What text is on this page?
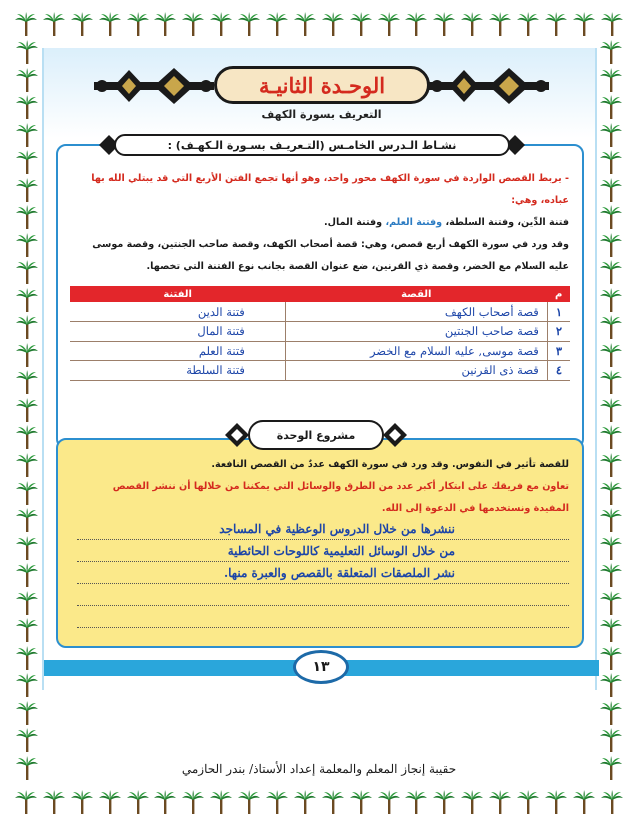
الوحـدة الثانيـة
التعريف بسورة الكهف
نشـاط الـدرس الخامـس (التـعريـف بسـورة الـكهـف) :
- يربط القصص الواردة في سورة الكهف محور واحد، وهو أنها تجمع الفتن الأربع التي قد يبتلي الله بها عباده، وهي:
فتنة الدِّين، وفتنة السلطة، وفتنة العلم، وفتنة المال.
وقد ورد في سورة الكهف أربع قصص، وهي: قصة أصحاب الكهف، وقصة صاحب الجنتين، وقصة موسى عليه السلام مع الخضر، وقصة ذي القرنين، ضع عنوان القصة بجانب نوع الفتنة التي تخصها.
م	القصة	الفتنة
١	قصة أصحاب الكهف	فتنة الدين
٢	قصة صاحب الجنتين	فتنة المال
٣	قصة موسى, عليه السلام مع الخضر	فتنة العلم
٤	قصة ذى القرنين	فتنة السلطة
مشروع الوحدة
للقصة تأثير في النفوس. وقد ورد في سورة الكهف عددٌ من القصص النافعة.
تعاون مع فريقك على ابتكار أكبر عدد من الطرق والوسائل التي يمكننا من خلالها أن ننشر القصص
المفيدة ونستخدمها في الدعوة إلى الله.
ننشرها من خلال الدروس الوعظية في المساجد
من خلال الوسائل التعليمية كاللوحات الحائطية
نشر الملصقات المتعلقة بالقصص والعبرة منها.
١٣
حقيبة إنجاز المعلم والمعلمة إعداد الأستاذ/ بندر الحازمي
